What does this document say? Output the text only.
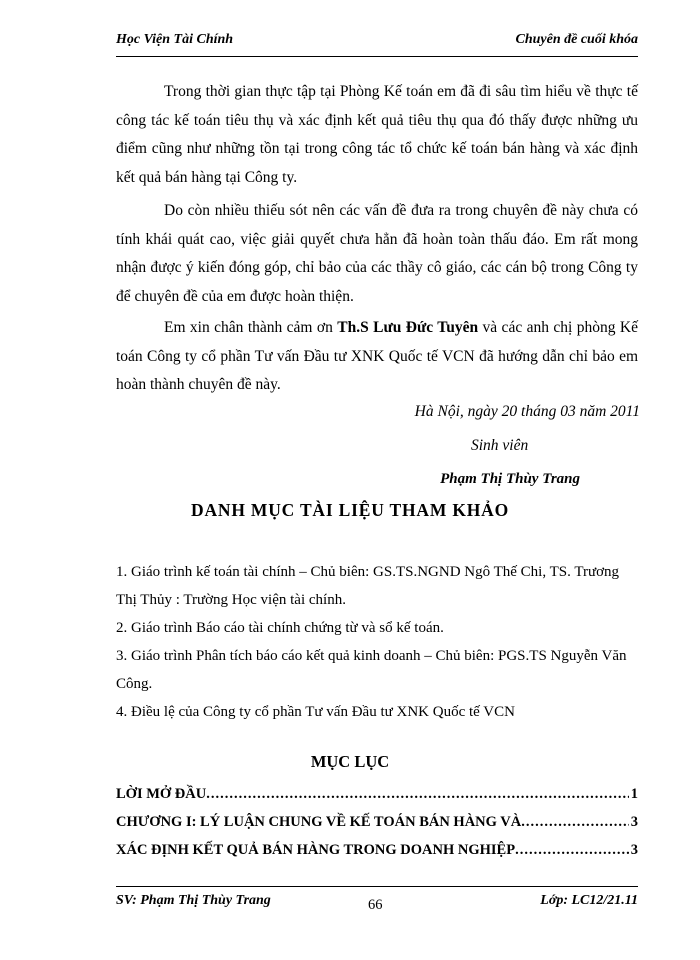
Học Viện Tài Chính	Chuyên đề cuối khóa

Trong thời gian thực tập tại Phòng Kế toán em đã đi sâu tìm hiểu về thực tế công tác kế toán tiêu thụ và xác định kết quả tiêu thụ qua đó thấy được những ưu điểm cũng như những tồn tại trong công tác tổ chức kế toán bán hàng và xác định kết quả bán hàng tại Công ty.

Do còn nhiều thiếu sót nên các vấn đề đưa ra trong chuyên đề này chưa có tính khái quát cao, việc giải quyết chưa hẳn đã hoàn toàn thấu đáo. Em rất mong nhận được ý kiến đóng góp, chỉ bảo của các thầy cô giáo, các cán bộ trong Công ty để chuyên đề của em được hoàn thiện.

Em xin chân thành cảm ơn Th.S Lưu Đức Tuyên và các anh chị phòng Kế toán Công ty cổ phần Tư vấn Đầu tư XNK Quốc tế VCN đã hướng dẫn chỉ bảo em hoàn thành chuyên đề này.

Hà Nội, ngày 20 tháng 03 năm 2011

Sinh viên

Phạm Thị Thùy Trang

DANH MỤC TÀI LIỆU THAM KHẢO
1. Giáo trình kế toán tài chính – Chủ biên: GS.TS.NGND Ngô Thế Chi, TS. Trương Thị Thủy : Trường Học viện tài chính.
2. Giáo trình Báo cáo tài chính chứng từ và sổ kế toán.
3. Giáo trình Phân tích báo cáo kết quả kinh doanh – Chủ biên: PGS.TS Nguyễn Văn Công.
4. Điều lệ của Công ty cổ phần Tư vấn Đầu tư XNK Quốc tế VCN
MỤC LỤC
LỜI MỞ ĐẦU .....	1
CHƯƠNG I: LÝ LUẬN CHUNG VỀ KẾ TOÁN BÁN HÀNG VÀ .....	3
XÁC ĐỊNH KẾT QUẢ BÁN HÀNG TRONG DOANH NGHIỆP .....	3
SV: Phạm Thị Thùy Trang	66	Lớp: LC12/21.11
